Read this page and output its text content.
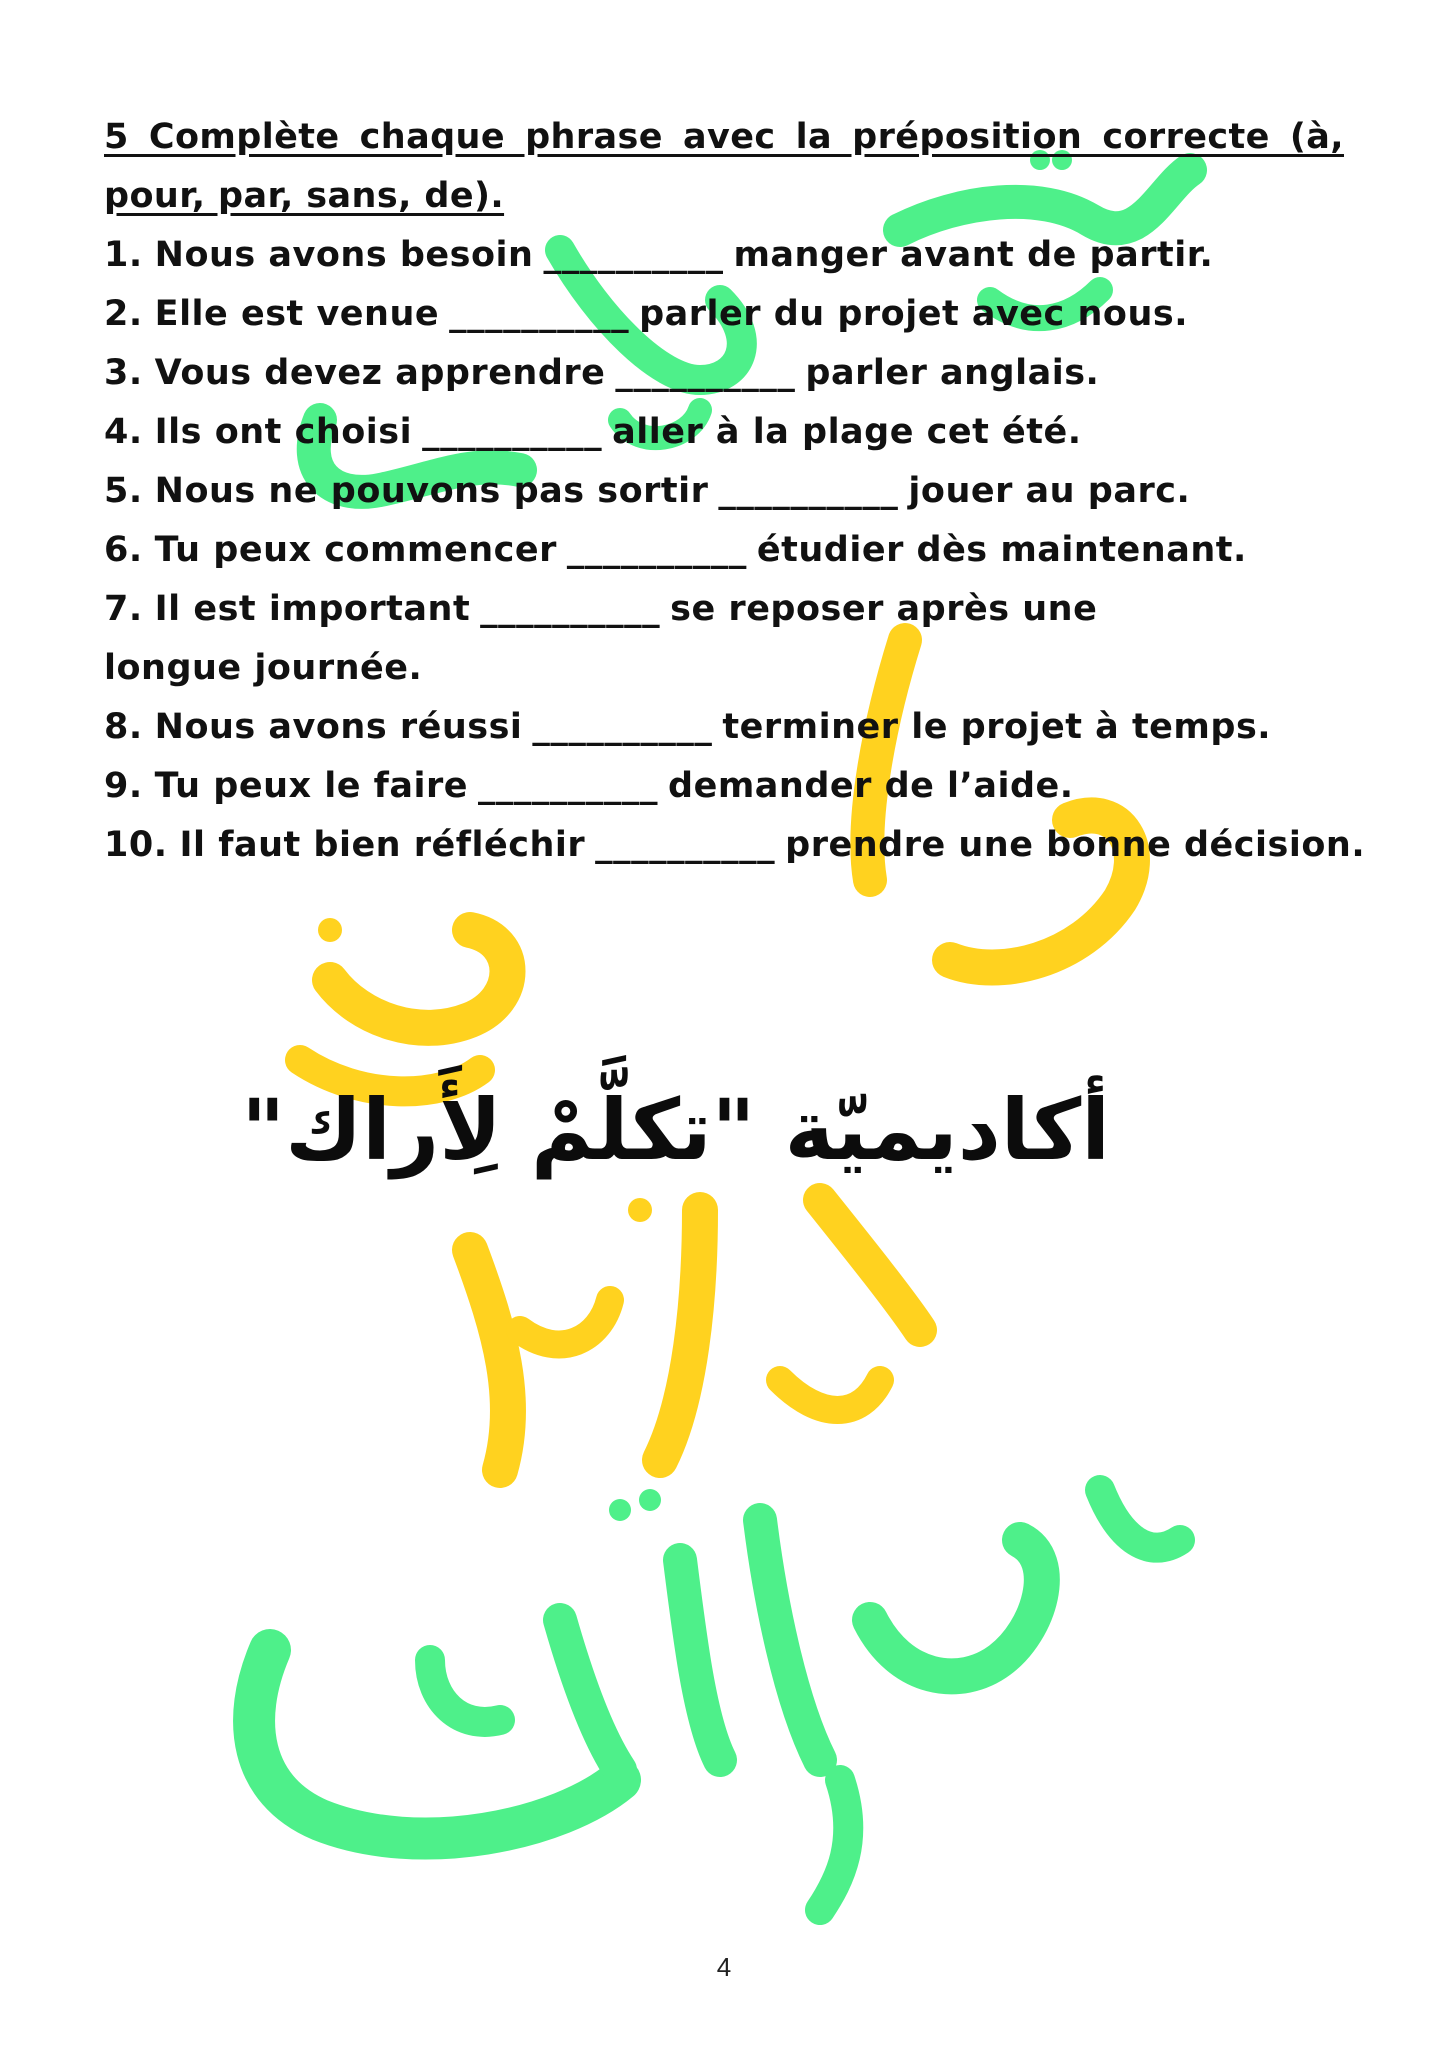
5 Complète chaque phrase avec la préposition correcte (à, pour, par, sans, de).

1. Nous avons besoin __________ manger avant de partir.
2. Elle est venue __________ parler du projet avec nous.
3. Vous devez apprendre __________ parler anglais.
4. Ils ont choisi __________ aller à la plage cet été.
5. Nous ne pouvons pas sortir __________ jouer au parc.
6. Tu peux commencer __________ étudier dès maintenant.
7. Il est important __________ se reposer après une longue journée.
8. Nous avons réussi __________ terminer le projet à temps.
9. Tu peux le faire __________ demander de l’aide.
10. Il faut bien réfléchir __________ prendre une bonne décision.
أكاديميّة "تكلَّمْ لِأَراك"
4
